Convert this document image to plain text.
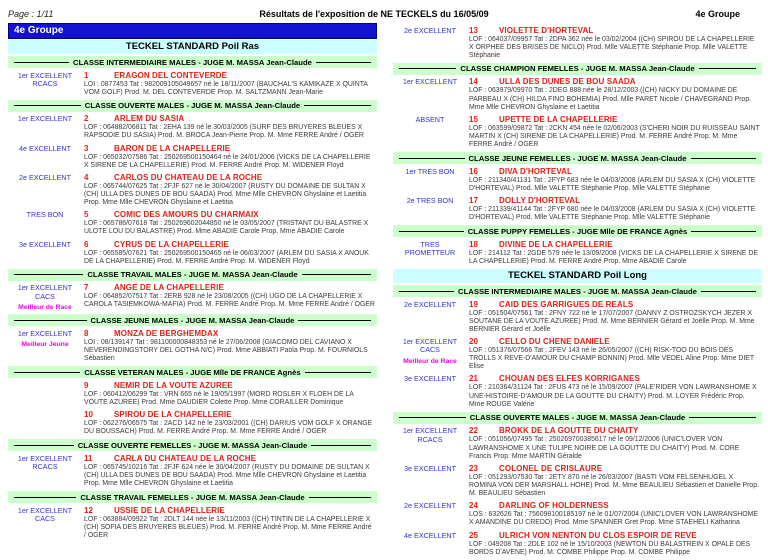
Page : 1/11	Résultats de l'exposition de NE TECKELS du 16/05/09	4e Groupe
4e Groupe
TECKEL STANDARD Poil Ras
CLASSE INTERMEDIAIRE MALES - JUGE M. MASSA Jean-Claude
1er EXCELLENT
RCACS
1	ERAGON DEL CONTEVERDE
LOI : 0877453 Tat : 982009105049657 né le 18/11/2007 (BAUCHAL'S KAMIKAZE X QUINTA VOM GOLF) Prod. M. DEL CONTEVERDE Prop. M. SALTZMANN Jean-Marie
CLASSE OUVERTE MALES - JUGE M. MASSA Jean-Claude
1er EXCELLENT	2	ARLEM DU SASIA
LOF : 064882/06811 Tat : 2EHA 139 né le 30/03/2005 (SURF DES BRUYERES BLEUES X RAPSODIE DU SASIA) Prod. M. BROCA Jean-Pierre Prop. M. Mme FERRE André / OGER
4e EXCELLENT	3	BARON DE LA CHAPELLERIE
LOF : 065032/07586 Tat : 250269500150464 né le 24/01/2006 (VICKS DE LA CHAPELLERIE X SIRENE DE LA CHAPELLERIE) Prod. M. FERRE André Prop. M. WIDENER Floyd
2e EXCELLENT	4	CARLOS DU CHATEAU DE LA ROCHE
LOF : 065744/07625 Tat : 2FJF 627 né le 30/04/2007 (RUSTY DU DOMAINE DE SULTAN X (CH) ULLA DES DUNES DE BOU SAADA) Prod. Mme Mlle CHEVRON Ghyslaine et Laetitia Prop. Mme Mlle CHEVRON Ghyslaine et Laetitia
TRES BON	5	COMIC DES AMOURS DU CHARMAIX
LOF : 065786/07618 Tat : 250269602044850 né le 03/05/2007 (TRISTANT DU BALASTRE X ULOTE LOU DU BALASTRE) Prod. Mme ABADIE Carole Prop. Mme ABADIE Carole
3e EXCELLENT	6	CYRUS DE LA CHAPELLERIE
LOF : 065585/07621 Tat : 250269500150465 né le 06/03/2007 (ARLEM DU SASIA X ANOUK DE LA CHAPELLERIE) Prod. M. FERRE André Prop. M. WIDENER Floyd
CLASSE TRAVAIL MALES - JUGE M. MASSA Jean-Claude
1er EXCELLENT
CACS
Meilleur de Race
7	ANGE DE LA CHAPELLERIE
LOF : 064852/07517 Tat : 2ERB 928 né le 23/08/2005 ((CH) UGO DE LA CHAPELLERIE X CAROLA TASIEMKOWA-MAFIA) Prod. M. FERRE André Prop. M. Mme FERRE André / OGER
CLASSE JEUNE MALES - JUGE M. MASSA Jean-Claude
1er EXCELLENT
Meilleur Jeune
8	MONZA DE BERGHEMDAX
LOI : 08/139147 Tat : 981100000848353 né le 27/06/2008 (GIACOMO DEL CAVIANO X NEVERENDINGSTORY DEL GOTHA N/C) Prod. Mme ABBIATI Paola Prop. M. FOURNIOLS Sébastien
CLASSE VETERAN MALES - JUGE Mlle DE FRANCE Agnès
9	NEMIR DE LA VOUTE AZUREE
LOF : 060412/06299 Tat : VRN 665 né le 19/05/1997 (MORD ROSLER X FLOEH DE LA VOUTE AZUREE) Prod. Mme DAUDIER Colette Prop. Mme CORAILLER Dominique
10	SPIROU DE LA CHAPELLERIE
LOF : 062276/06575 Tat : 2ACD 142 né le 23/03/2001 ((CH) DARIUS VOM GOLF X ORANGE DU BOUSSACH) Prod. M. FERRE André Prop. M. Mme FERRE André / OGER
CLASSE OUVERTE FEMELLES - JUGE M. MASSA Jean-Claude
1er EXCELLENT
RCACS
11	CARLA DU CHATEAU DE LA ROCHE
LOF : 065745/10216 Tat : 2FJF 624 née le 30/04/2007 (RUSTY DU DOMAINE DE SULTAN X (CH) ULLA DES DUNES DE BOU SAADA) Prod. Mme Mlle CHEVRON Ghyslaine et Laetitia Prop. Mme Mlle CHEVRON Ghyslaine et Laetitia
CLASSE TRAVAIL FEMELLES - JUGE M. MASSA Jean-Claude
1er EXCELLENT
CACS
12	USSIE DE LA CHAPELLERIE
LOF : 063884/09922 Tat : 2DLT 144 née le 13/11/2003 ((CH) TINTIN DE LA CHAPELLERIE X (CH) SOFIA DES BRUYERES BLEUES) Prod. M. FERRE André Prop. M. Mme FERRE André / OGER
2e EXCELLENT	13	VIOLETTE D'HORTEVAL
LOF : 064037/09957 Tat : 2DPA 362 née le 03/02/2004 ((CH) SPIROU DE LA CHAPELLERIE X ORPHEE DES BRISES DE NICLO) Prod. Mlle VALETTE Stéphanie Prop. Mlle VALETTE Stéphanie
CLASSE CHAMPION FEMELLES - JUGE M. MASSA Jean-Claude
1er EXCELLENT	14	ULLA DES DUNES DE BOU SAADA
LOF : 063979/09970 Tat : 2DEG 888 née le 28/12/2003 ((CH) NICKY DU DOMAINE DE PARBEAU X (CH) HILDA FINO BOHEMIA) Prod. Mlle PARET Nicole / CHAVEGRAND Prop. Mme Mlle CHEVRON Ghyslaine et Laetitia
ABSENT	15	UPETTE DE LA CHAPELLERIE
LOF : 063599/09872 Tat : 2CKN 454 née le 02/06/2003 (S'CHERI NOIR DU RUISSEAU SAINT MARTIN X (CH) SIRENE DE LA CHAPELLERIE) Prod. M. FERRE André Prop. M. Mme FERRE André / OGER
CLASSE JEUNE FEMELLES - JUGE M. MASSA Jean-Claude
1er TRES BON	16	DIVA D'HORTEVAL
LOF : 211340/41131 Tat : 2FYP 683 née le 04/03/2008 (ARLEM DU SASIA X (CH) VIOLETTE D'HORTEVAL) Prod. Mlle VALETTE Stéphanie Prop. Mlle VALETTE Stéphanie
2e TRES BON	17	DOLLY D'HORTEVAL
LOF : 211339/41144 Tat : 2FYP 680 née le 04/03/2008 (ARLEM DU SASIA X (CH) VIOLETTE D'HORTEVAL) Prod. Mlle VALETTE Stéphanie Prop. Mlle VALETTE Stéphanie
CLASSE PUPPY FEMELLES - JUGE Mlle DE FRANCE Agnès
TRES
PROMETTEUR
18	DIVINE DE LA CHAPELLERIE
LOF : 214112 Tat : 2GDE 579 née le 13/09/2008 (VICKS DE LA CHAPELLERIE X SIRENE DE LA CHAPELLERIE) Prod. M. FERRE André Prop. Mme ABADIE Carole
TECKEL STANDARD Poil Long
CLASSE INTERMEDIAIRE MALES - JUGE M. MASSA Jean-Claude
2e EXCELLENT	19	CAID DES GARRIGUES DE REALS
LOF : 051504/07561 Tat : 2FNY 722 né le 17/07/2007 (DANNY Z OSTROZSKYCH JEZER X SOUTANE DE LA VOUTE AZUREE) Prod. M. Mme BERNIER Gérard et Joëlle Prop. M. Mme BERNIER Gérard et Joëlle
1er EXCELLENT
CACS
Meilleur de Race
20	CELLO DU CHENE DANIELE
LOF : 051376/07566 Tat : 2FEV 143 né le 26/05/2007 ((CH) RISK-TOO DU BOIS DES TROLLS X REVE-D'AMOUR DU CHAMP BONNIN) Prod. Mlle VEDEL Aline Prop. Mme DIET Elise
3e EXCELLENT	21	CHOUAN DES ELFES KORRIGANES
LOF : 210364/31124 Tat : 2FUS 473 né le 15/09/2007 (PALE'RIDER VON LAWRANSHOME X UNE-HISTOIRE-D'AMOUR DE LA GOUTTE DU CHAITY) Prod. M. LOYER Frédéric Prop. Mme ROUGE Valérie
CLASSE OUVERTE MALES - JUGE M. MASSA Jean-Claude
1er EXCELLENT
RCACS
22	BROKK DE LA GOUTTE DU CHAITY
LOF : 051056/07495 Tat : 250269700385617 né le 09/12/2006 (UNIC'LOVER VON LAWRANSHOME X UNE TULIPE NOIRE DE LA GOUTTE DU CHAITY) Prod. M. CORE Francis Prop. Mme MARTIN Géralde
3e EXCELLENT	23	COLONEL DE CRISLAURE
LOF : 051293/07530 Tat : 2ETY 870 né le 26/03/2007 (BASTI VOM FELSENHUGEL X ROMINA VON DER MARSHALL HOHE) Prod. M. Mme BEAULIEU Sébastien et Danielle Prop. M. BEAULIEU Sébastien
2e EXCELLENT	24	DARLING OF HOLDERNESS
LOS : 632626 Tat : 756098100185197 né le 01/07/2004 (UNIC'LOVER VON LAWRANSHOME X AMANDINE DU CREDO) Prod. Mme SPANNER Gret Prop. Mme STAEHELI Katharina
4e EXCELLENT	25	ULRICH VON NENTON DU CLOS ESPOIR DE REVE
LOF : 049208 Tat : 2DLE 102 né le 15/10/2003 (NEWTON DU BALASTREIN X OPALE DES BORDS D'AVENE) Prod. M. COMBE Philippe Prop. M. COMBE Philippe
